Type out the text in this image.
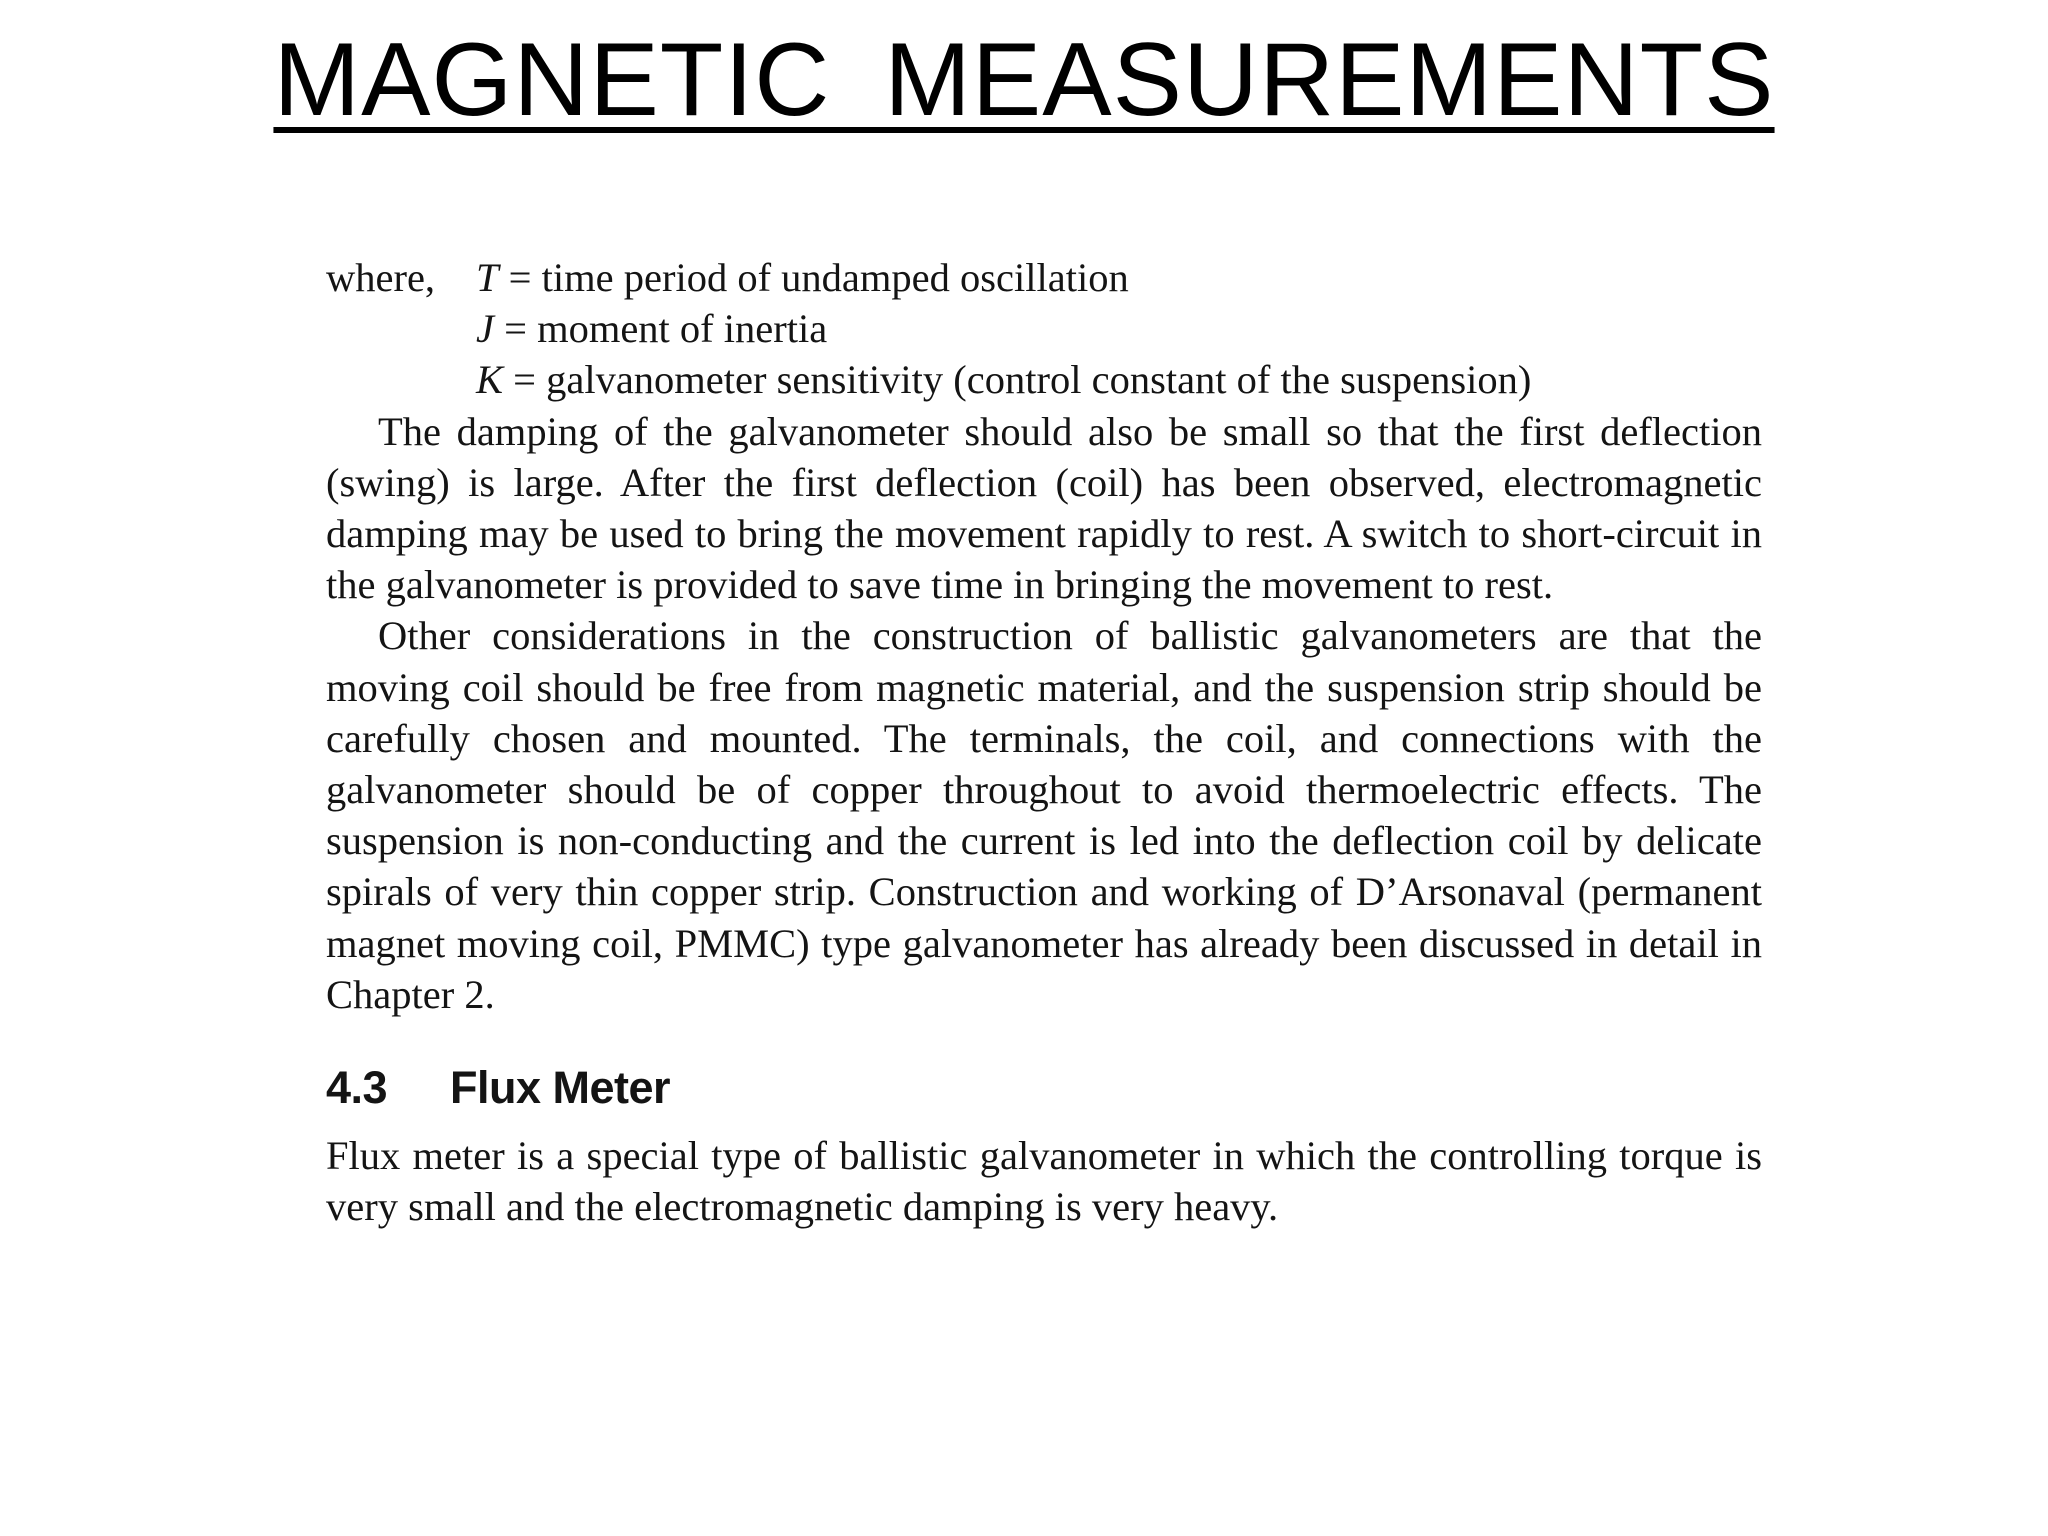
MAGNETIC MEASUREMENTS
where, T = time period of undamped oscillation
J = moment of inertia
K = galvanometer sensitivity (control constant of the suspension)

The damping of the galvanometer should also be small so that the first deflection (swing) is large. After the first deflection (coil) has been observed, electromagnetic damping may be used to bring the movement rapidly to rest. A switch to short-circuit in the galvanometer is provided to save time in bringing the movement to rest.

Other considerations in the construction of ballistic galvanometers are that the moving coil should be free from magnetic material, and the suspension strip should be carefully chosen and mounted. The terminals, the coil, and connections with the galvanometer should be of copper throughout to avoid thermoelectric effects. The suspension is non-conducting and the current is led into the deflection coil by delicate spirals of very thin copper strip. Construction and working of D’Arsonaval (permanent magnet moving coil, PMMC) type galvanometer has already been discussed in detail in Chapter 2.

4.3 Flux Meter

Flux meter is a special type of ballistic galvanometer in which the controlling torque is very small and the electromagnetic damping is very heavy.
